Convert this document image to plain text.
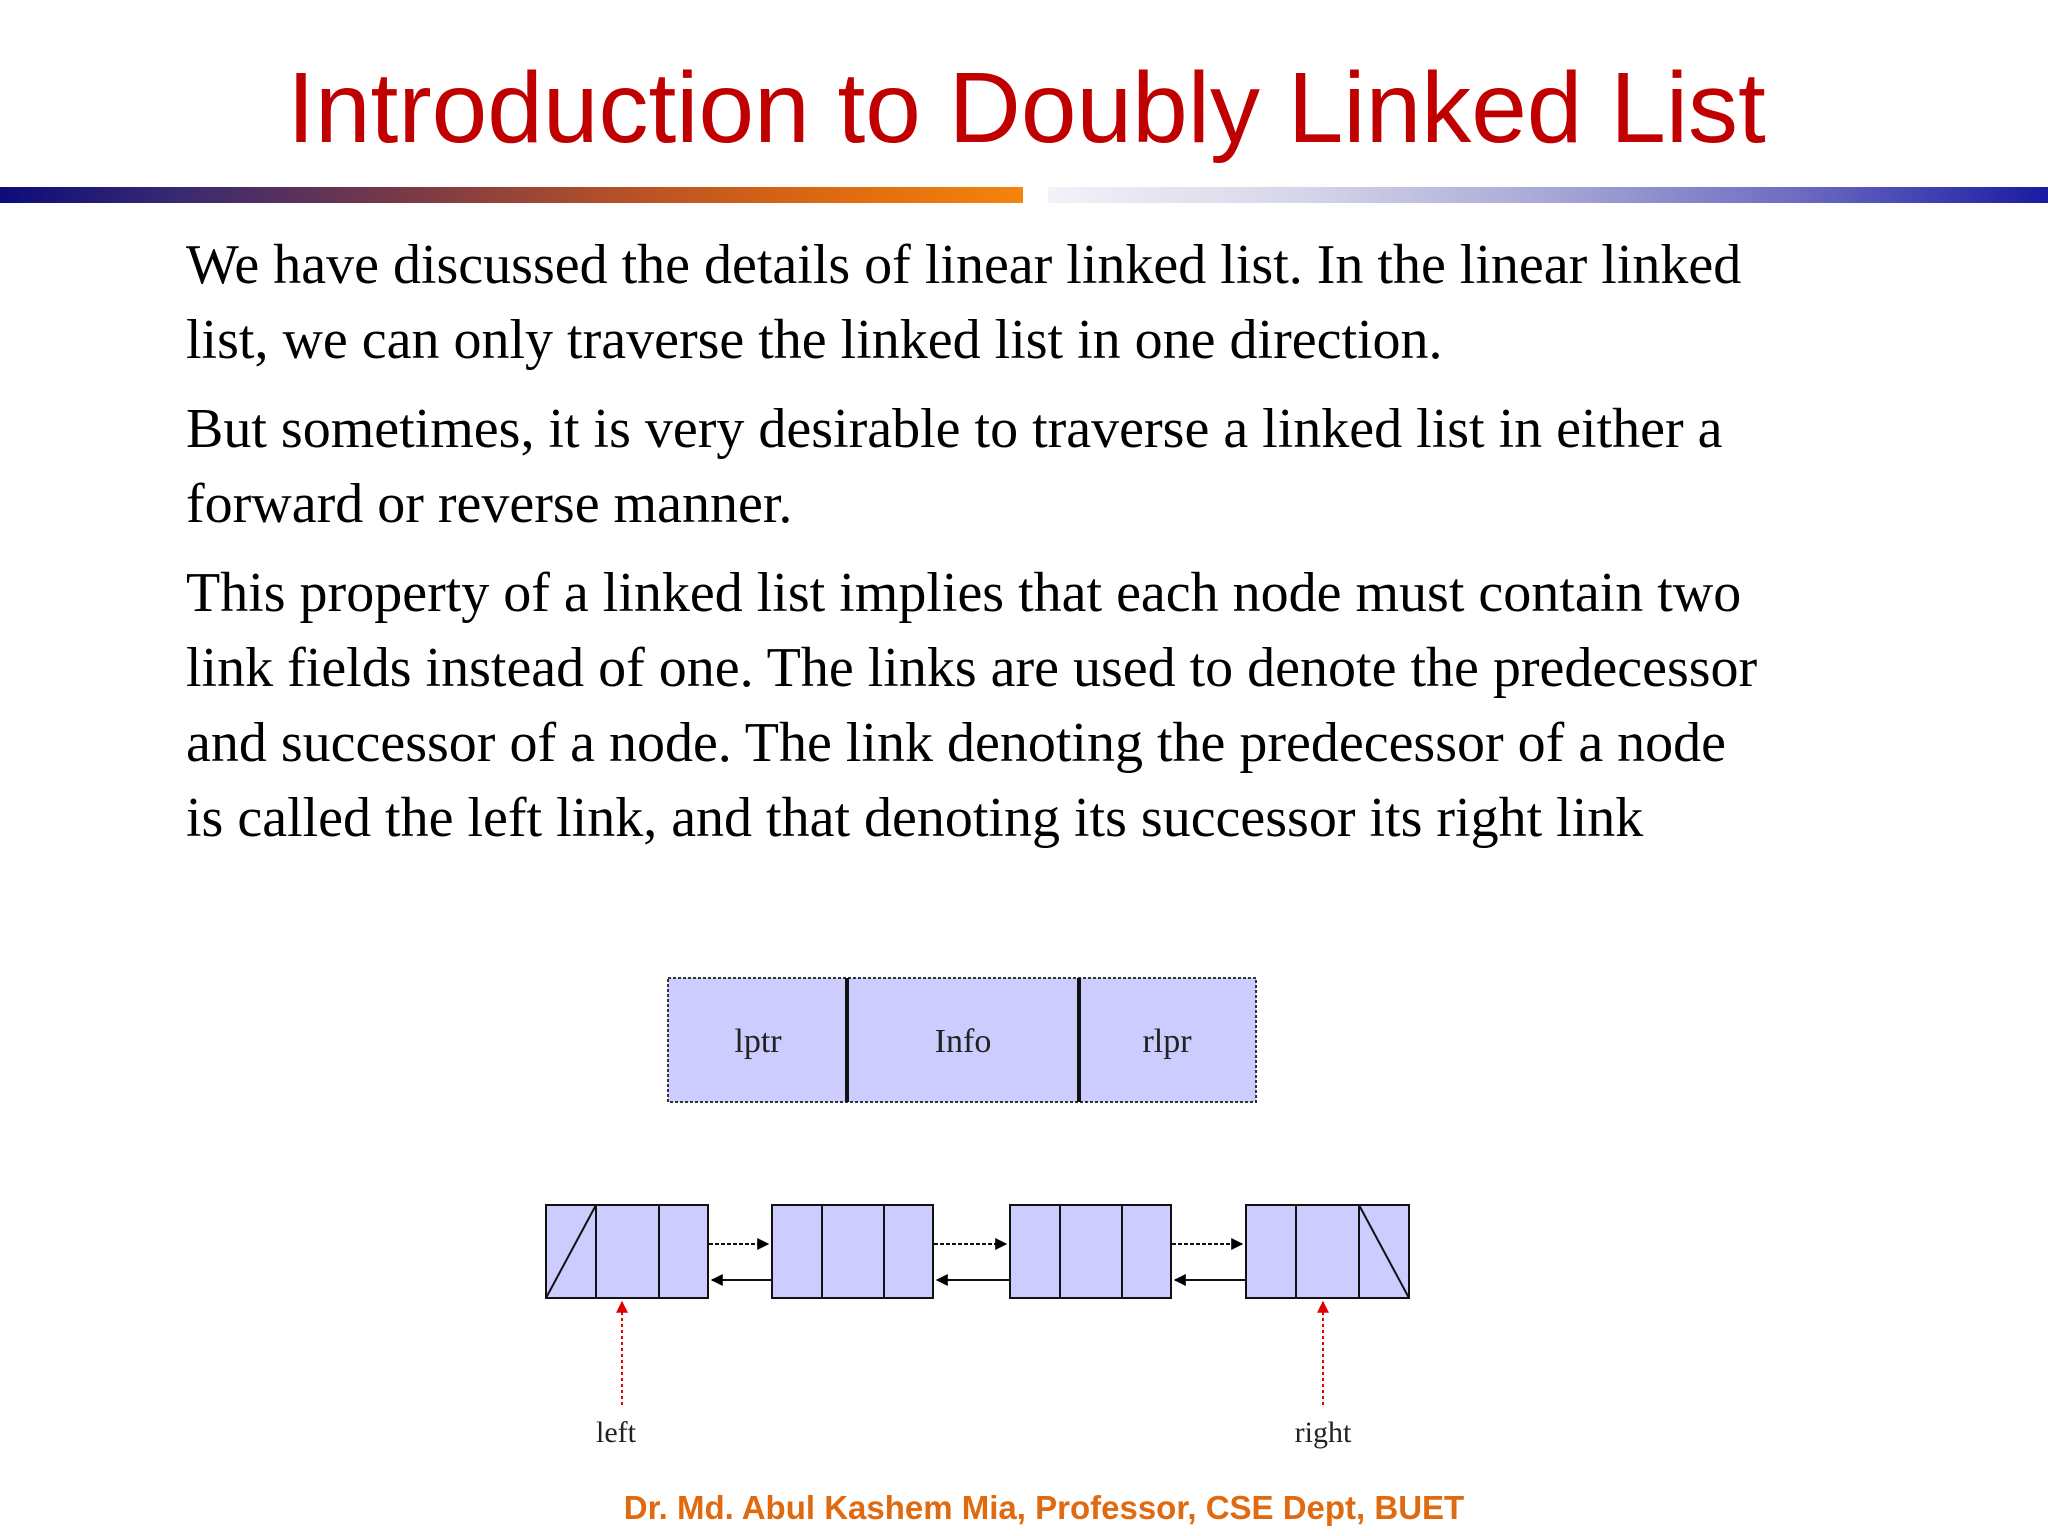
Introduction to Doubly Linked List

We have discussed the details of linear linked list. In the linear linked
list, we can only traverse the linked list in one direction.

But sometimes, it is very desirable to traverse a linked list in either a
forward or reverse manner.

This property of a linked list implies that each node must contain two
link fields instead of one. The links are used to denote the predecessor
and successor of a node. The link denoting the predecessor of a node
is called the left link, and that denoting its successor its right link

lptr	Info	rlpr
left	right
Dr. Md. Abul Kashem Mia, Professor, CSE Dept, BUET
